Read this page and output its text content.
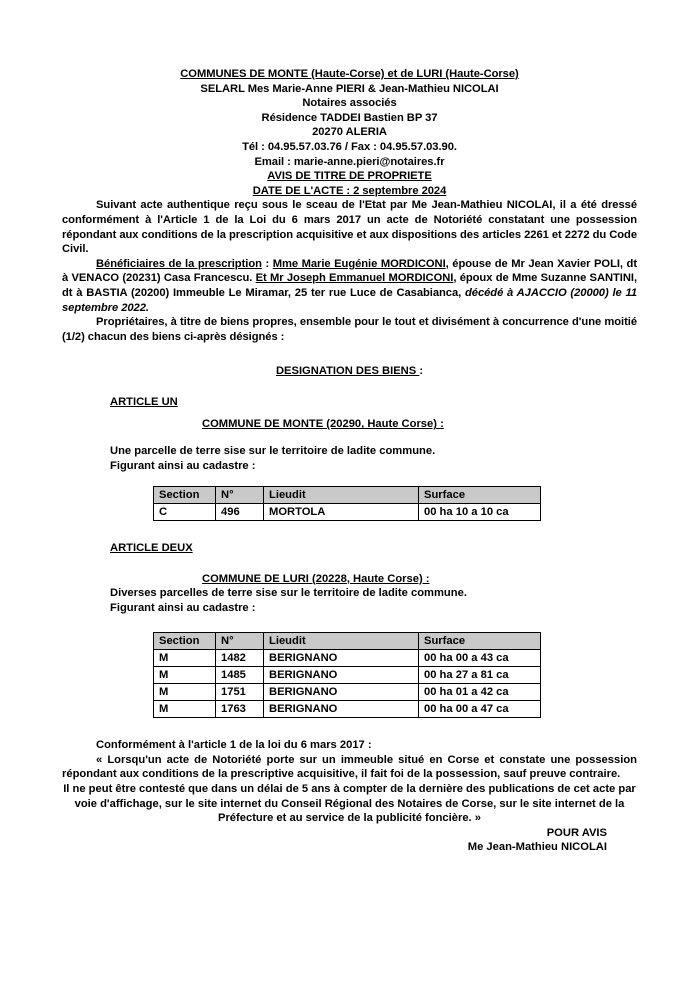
COMMUNES DE MONTE (Haute-Corse) et de LURI (Haute-Corse)
SELARL Mes Marie-Anne PIERI & Jean-Mathieu NICOLAI
Notaires associés
Résidence TADDEI Bastien BP 37
20270 ALERIA
Tél : 04.95.57.03.76 / Fax : 04.95.57.03.90.
Email : marie-anne.pieri@notaires.fr
AVIS DE TITRE DE PROPRIETE
DATE DE L'ACTE : 2 septembre 2024

Suivant acte authentique reçu sous le sceau de l'Etat par Me Jean-Mathieu NICOLAI, il a été dressé conformément à l'Article 1 de la Loi du 6 mars 2017 un acte de Notoriété constatant une possession répondant aux conditions de la prescription acquisitive et aux dispositions des articles 2261 et 2272 du Code Civil.

Bénéficiaires de la prescription : Mme Marie Eugénie MORDICONI, épouse de Mr Jean Xavier POLI, dt à VENACO (20231) Casa Francescu. Et Mr Joseph Emmanuel MORDICONI, époux de Mme Suzanne SANTINI, dt à BASTIA (20200) Immeuble Le Miramar, 25 ter rue Luce de Casabianca, décédé à AJACCIO (20000) le 11 septembre 2022.

Propriétaires, à titre de biens propres, ensemble pour le tout et divisément à concurrence d'une moitié (1/2) chacun des biens ci-après désignés :

DESIGNATION DES BIENS :
ARTICLE UN
COMMUNE DE MONTE (20290, Haute Corse) :
Une parcelle de terre sise sur le territoire de ladite commune.
Figurant ainsi au cadastre :
Section	N°	Lieudit	Surface
C	496	MORTOLA	00 ha 10 a 10 ca
ARTICLE DEUX
COMMUNE DE LURI (20228, Haute Corse) :
Diverses parcelles de terre sise sur le territoire de ladite commune.
Figurant ainsi au cadastre :
Section	N°	Lieudit	Surface
M	1482	BERIGNANO	00 ha 00 a 43 ca
M	1485	BERIGNANO	00 ha 27 a 81 ca
M	1751	BERIGNANO	00 ha 01 a 42 ca
M	1763	BERIGNANO	00 ha 00 a 47 ca

Conformément à l'article 1 de la loi du 6 mars 2017 :

« Lorsqu'un acte de Notoriété porte sur un immeuble situé en Corse et constate une possession répondant aux conditions de la prescriptive acquisitive, il fait foi de la possession, sauf preuve contraire.

Il ne peut être contesté que dans un délai de 5 ans à compter de la dernière des publications de cet acte par voie d'affichage, sur le site internet du Conseil Régional des Notaires de Corse, sur le site internet de la Préfecture et au service de la publicité foncière. »

POUR AVIS
Me Jean-Mathieu NICOLAI
